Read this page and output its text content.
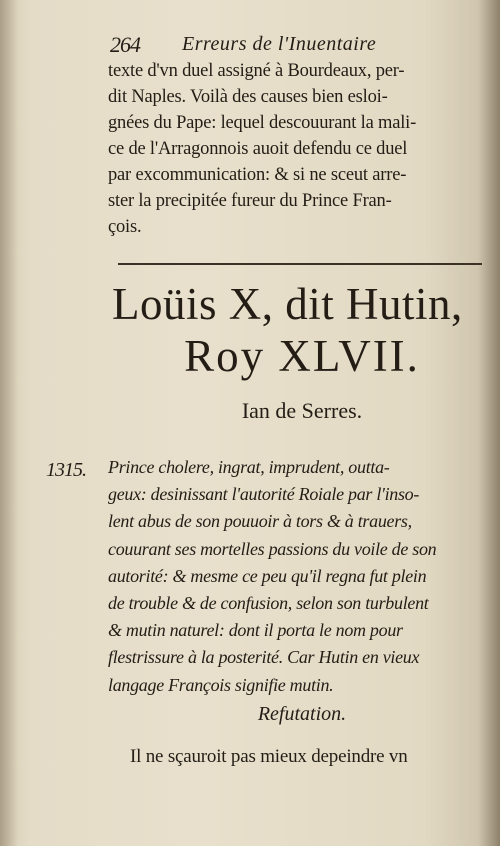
264 Erreurs de l'Inuentaire
texte d'vn duel assigné à Bourdeaux, per-
dit Naples. Voilà des causes bien esloi-
gnées du Pape: lequel descouurant la mali-
ce de l'Arragonnois auoit defendu ce duel
par excommunication: & si ne sceut arre-
ster la precipitée fureur du Prince Fran-
çois.
Loüis X, dit Hutin,
Roy XLVII.
Ian de Serres.
1315. Prince cholere, ingrat, imprudent, outta-
geux: desinissant l'autorité Roiale par l'inso-
lent abus de son pouuoir à tors & à trauers,
couurant ses mortelles passions du voile de son
autorité: & mesme ce peu qu'il regna fut plein
de trouble & de confusion, selon son turbulent
& mutin naturel: dont il porta le nom pour
flestrissure à la posterité. Car Hutin en vieux
langage François signifie mutin.
Refutation.
Il ne sçauroit pas mieux depeindre vn
